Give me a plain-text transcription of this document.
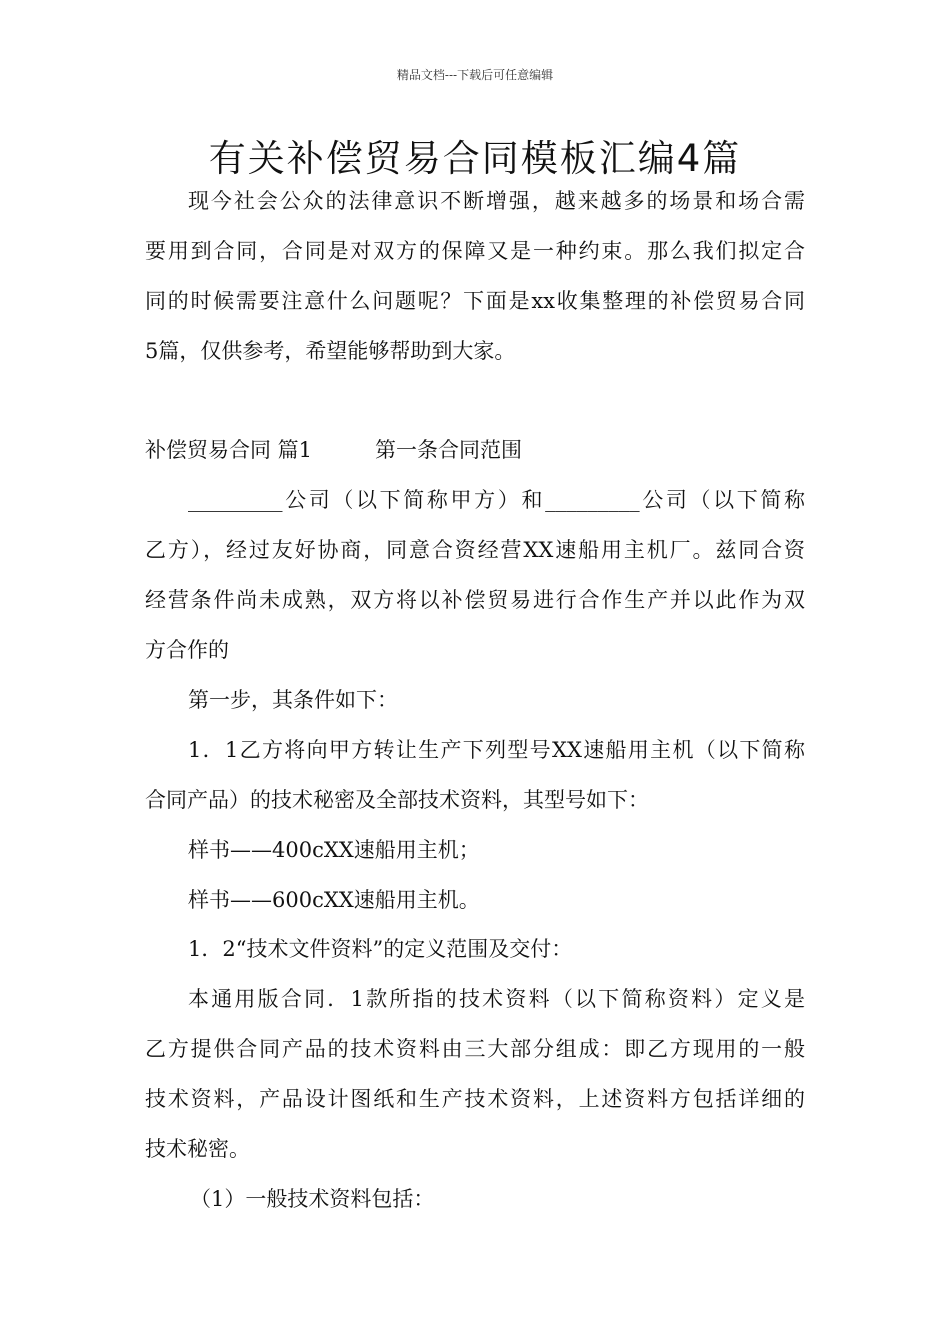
精品文档---下载后可任意编辑
有关补偿贸易合同模板汇编4篇
现今社会公众的法律意识不断增强，越来越多的场景和场合需
要用到合同，合同是对双方的保障又是一种约束。那么我们拟定合
同的时候需要注意什么问题呢？下面是xx收集整理的补偿贸易合同
5篇，仅供参考，希望能够帮助到大家。
补偿贸易合同 篇1　　　第一条合同范围
_________公司（以下简称甲方）和_________公司（以下简称
乙方），经过友好协商，同意合资经营XX速船用主机厂。兹同合资
经营条件尚未成熟，双方将以补偿贸易进行合作生产并以此作为双
方合作的
第一步，其条件如下：
1．1乙方将向甲方转让生产下列型号XX速船用主机（以下简称
合同产品）的技术秘密及全部技术资料，其型号如下：
样书——400cXX速船用主机；
样书——600cXX速船用主机。
1．2“技术文件资料”的定义范围及交付：
本通用版合同．1款所指的技术资料（以下简称资料）定义是
乙方提供合同产品的技术资料由三大部分组成：即乙方现用的一般
技术资料，产品设计图纸和生产技术资料，上述资料方包括详细的
技术秘密。
（1）一般技术资料包括：
